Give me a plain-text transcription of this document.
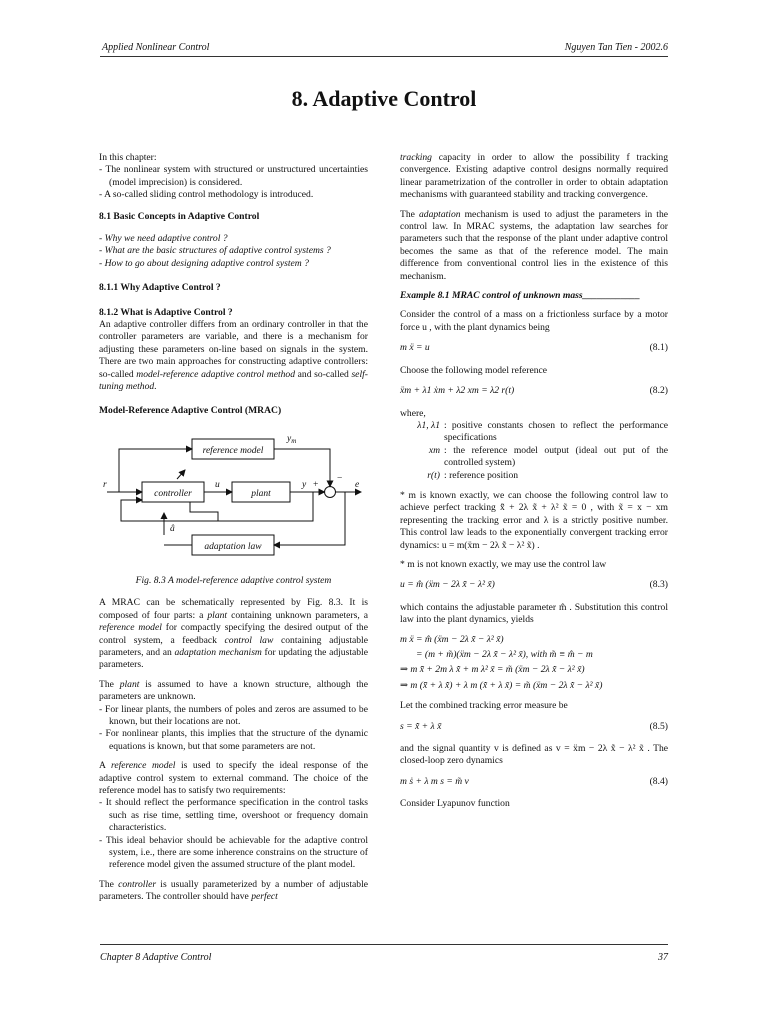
Applied Nonlinear Control	Nguyen Tan Tien - 2002.6
8. Adaptive Control
In this chapter:
- The nonlinear system with structured or unstructured uncertainties (model imprecision) is considered.
- A so-called sliding control methodology is introduced.
8.1 Basic Concepts in Adaptive Control
- Why we need adaptive control ?
- What are the basic structures of adaptive control systems ?
- How to go about designing adaptive control system ?
8.1.1 Why Adaptive Control ?
8.1.2 What is Adaptive Control ?

An adaptive controller differs from an ordinary controller in that the controller parameters are variable, and there is a mechanism for adjusting these parameters on-line based on signals in the system. There are two main approaches for constructing adaptive controllers: so-called model-reference adaptive control method and so-called self-tuning method.

Model-Reference Adaptive Control (MRAC)
reference model
controller	plant
adaptation law
r	u	y +
$y_m$
−
e
â
Fig. 8.3 A model-reference adaptive control system

A MRAC can be schematically represented by Fig. 8.3. It is composed of four parts: a plant containing unknown parameters, a reference model for compactly specifying the desired output of the control system, a feedback control law containing adjustable parameters, and an adaptation mechanism for updating the adjustable parameters.

The plant is assumed to have a known structure, although the parameters are unknown.

- For linear plants, the numbers of poles and zeros are assumed to be known, but their locations are not.
- For nonlinear plants, this implies that the structure of the dynamic equations is known, but that some parameters are not.

A reference model is used to specify the ideal response of the adaptive control system to external command. The choice of the reference model has to satisfy two requirements:

- It should reflect the performance specification in the control tasks such as rise time, settling time, overshoot or frequency domain characteristics.
- This ideal behavior should be achievable for the adaptive control system, i.e., there are some inherence constrains on the structure of reference model given the assumed structure of the plant model.

The controller is usually parameterized by a number of adjustable parameters. The controller should have perfect

tracking capacity in order to allow the possibility f tracking convergence. Existing adaptive control designs normally required linear parametrization of the controller in order to obtain adaptation mechanisms with guaranteed stability and tracking convergence.

The adaptation mechanism is used to adjust the parameters in the control law. In MRAC systems, the adaptation law searches for parameters such that the response of the plant under adaptive control becomes the same as that of the reference model. The main difference from conventional control lies in the existence of this mechanism.

Example 8.1 MRAC control of unknown mass____________

Consider the control of a mass on a frictionless surface by a motor force u , with the plant dynamics being

m ẍ = u	(8.1)

Choose the following model reference

ẍm + λ1 ẋm + λ2 xm = λ2 r(t)	(8.2)
where,
λ1, λ1 : positive constants chosen to reflect the performance specifications
xm : the reference model output (ideal out put of the controlled system)
r(t) : reference position

* m is known exactly, we can choose the following control law to achieve perfect tracking x̃̈ + 2λ x̃̇ + λ² x̃ = 0 , with x̃ = x − xm representing the tracking error and λ is a strictly positive number. This control law leads to the exponentially convergent tracking error dynamics: u = m(ẍm − 2λ x̃̇ − λ² x̃) .

* m is not known exactly, we may use the control law

u = m̂ (ẍm − 2λ x̃̇ − λ² x̃)	(8.3)

which contains the adjustable parameter m̂ . Substitution this control law into the plant dynamics, yields

m ẍ = m̂ (ẍm − 2λ x̃̇ − λ² x̃)
= (m + m̃)(ẍm − 2λ x̃̇ − λ² x̃), with m̃ ≡ m̂ − m
⇒ m x̃̈ + 2m λ x̃̇ + m λ² x̃ = m̃ (ẍm − 2λ x̃̇ − λ² x̃)
⇒ m (x̃̈ + λ x̃̇) + λ m (x̃̇ + λ x̃) = m̃ (ẍm − 2λ x̃̇ − λ² x̃)

Let the combined tracking error measure be

s = x̃̇ + λ x̃	(8.5)

and the signal quantity v is defined as v = ẍm − 2λ x̃̇ − λ² x̃ . The closed-loop zero dynamics

m ṡ + λ m s = m̃ v	(8.4)

Consider Lyapunov function

Chapter 8 Adaptive Control	37
